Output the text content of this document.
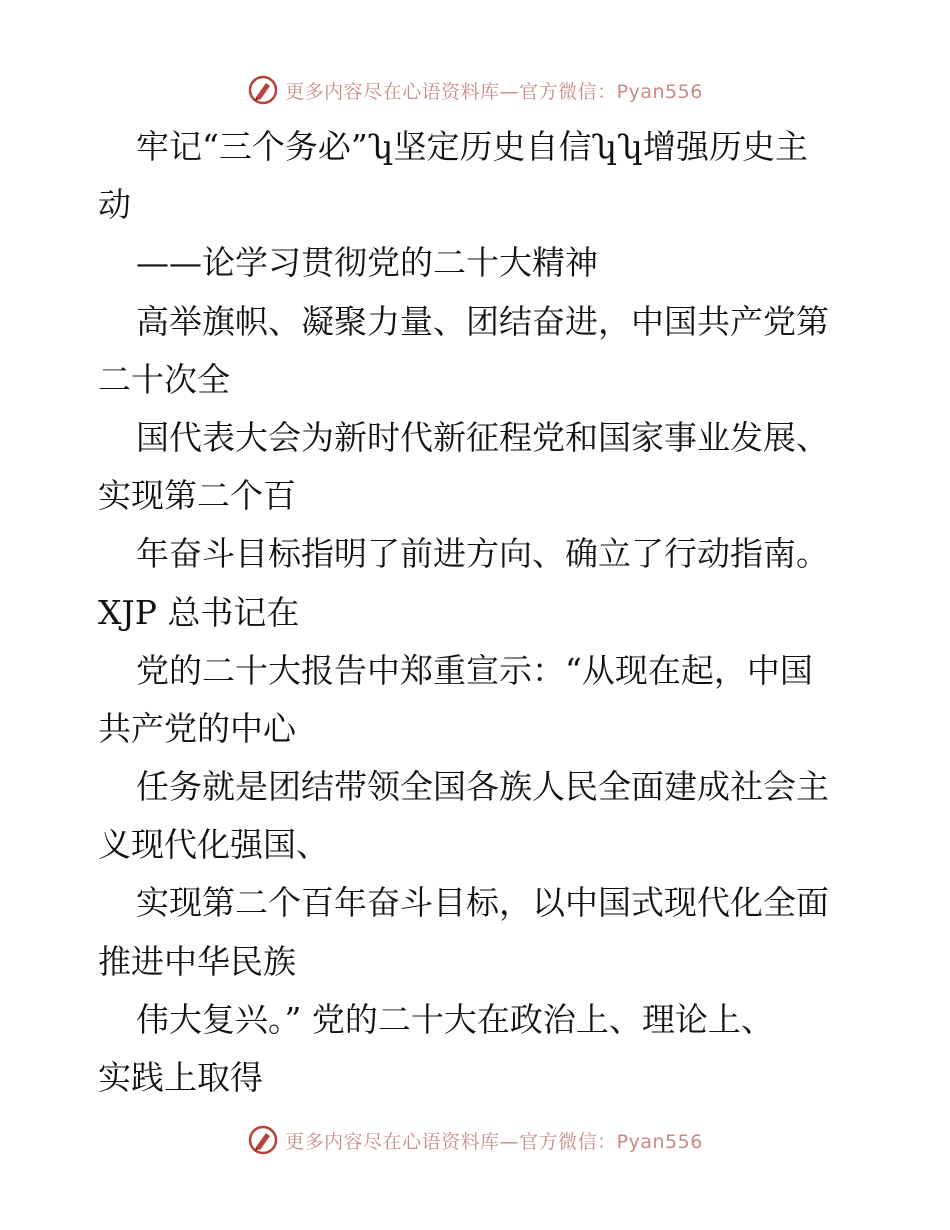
更多内容尽在心语资料库—官方微信：Pyan556
牢记“三个务必”ʮ坚定历史自信ʮʮ增强历史主
动
——论学习贯彻党的二十大精神
高举旗帜、凝聚力量、团结奋进，中国共产党第
二十次全
国代表大会为新时代新征程党和国家事业发展、
实现第二个百
年奋斗目标指明了前进方向、确立了行动指南。
XJP 总书记在
党的二十大报告中郑重宣示：“从现在起，中国
共产党的中心
任务就是团结带领全国各族人民全面建成社会主
义现代化强国、
实现第二个百年奋斗目标，以中国式现代化全面
推进中华民族
伟大复兴。” 党的二十大在政治上、理论上、
实践上取得
更多内容尽在心语资料库—官方微信：Pyan556
